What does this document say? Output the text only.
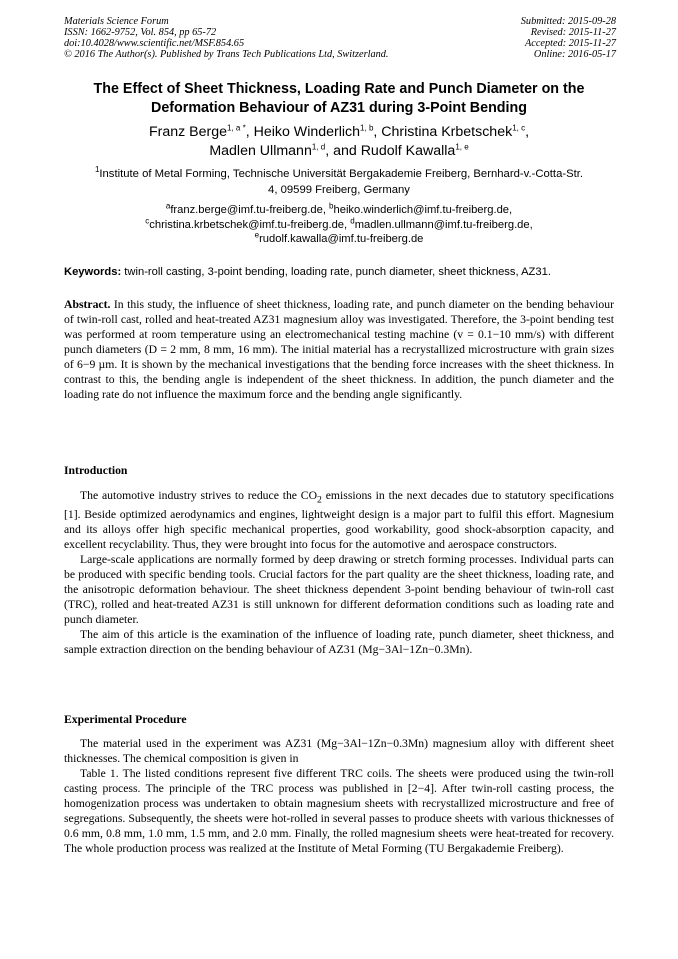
Materials Science Forum
ISSN: 1662-9752, Vol. 854, pp 65-72
doi:10.4028/www.scientific.net/MSF.854.65
© 2016 The Author(s). Published by Trans Tech Publications Ltd, Switzerland.
Submitted: 2015-09-28
Revised: 2015-11-27
Accepted: 2015-11-27
Online: 2016-05-17
The Effect of Sheet Thickness, Loading Rate and Punch Diameter on the
Deformation Behaviour of AZ31 during 3-Point Bending
Franz Berge$^{1, a *}$, Heiko Winderlich$^{1, b}$, Christina Krbetschek$^{1, c}$,
Madlen Ullmann$^{1, d}$, and Rudolf Kawalla$^{1, e}$
$^1$Institute of Metal Forming, Technische Universität Bergakademie Freiberg, Bernhard-v.-Cotta-Str.
4, 09599 Freiberg, Germany
$^a$franz.berge@imf.tu-freiberg.de, $^b$heiko.winderlich@imf.tu-freiberg.de,
$^c$christina.krbetschek@imf.tu-freiberg.de, $^d$madlen.ullmann@imf.tu-freiberg.de,
$^e$rudolf.kawalla@imf.tu-freiberg.de
Keywords: twin-roll casting, 3-point bending, loading rate, punch diameter, sheet thickness, AZ31.

Abstract. In this study, the influence of sheet thickness, loading rate, and punch diameter on the bending behaviour of twin-roll cast, rolled and heat-treated AZ31 magnesium alloy was investigated. Therefore, the 3-point bending test was performed at room temperature using an electromechanical testing machine (v = 0.1−10 mm/s) with different punch diameters (D = 2 mm, 8 mm, 16 mm). The initial material has a recrystallized microstructure with grain sizes of 6−9 µm. It is shown by the mechanical investigations that the bending force increases with the sheet thickness. In contrast to this, the bending angle is independent of the sheet thickness. In addition, the punch diameter and the loading rate do not influence the maximum force and the bending angle significantly.

Introduction

The automotive industry strives to reduce the $CO_2$ emissions in the next decades due to statutory specifications [1]. Beside optimized aerodynamics and engines, lightweight design is a major part to fulfil this effort. Magnesium and its alloys offer high specific mechanical properties, good workability, good shock-absorption capacity, and excellent recyclability. Thus, they were brought into focus for the automotive and aerospace constructors.

Large-scale applications are normally formed by deep drawing or stretch forming processes. Individual parts can be produced with specific bending tools. Crucial factors for the part quality are the sheet thickness, loading rate, and the anisotropic deformation behaviour. The sheet thickness dependent 3-point bending behaviour of twin-roll cast (TRC), rolled and heat-treated AZ31 is still unknown for different deformation conditions such as loading rate and punch diameter.

The aim of this article is the examination of the influence of loading rate, punch diameter, sheet thickness, and sample extraction direction on the bending behaviour of AZ31 (Mg−3Al−1Zn−0.3Mn).

Experimental Procedure

The material used in the experiment was AZ31 (Mg−3Al−1Zn−0.3Mn) magnesium alloy with different sheet thicknesses. The chemical composition is given in

Table 1. The listed conditions represent five different TRC coils. The sheets were produced using the twin-roll casting process. The principle of the TRC process was published in [2−4]. After twin-roll casting process, the homogenization process was undertaken to obtain magnesium sheets with recrystallized microstructure and free of segregations. Subsequently, the sheets were hot-rolled in several passes to produce sheets with various thicknesses of 0.6 mm, 0.8 mm, 1.0 mm, 1.5 mm, and 2.0 mm. Finally, the rolled magnesium sheets were heat-treated for recovery. The whole production process was realized at the Institute of Metal Forming (TU Bergakademie Freiberg).
